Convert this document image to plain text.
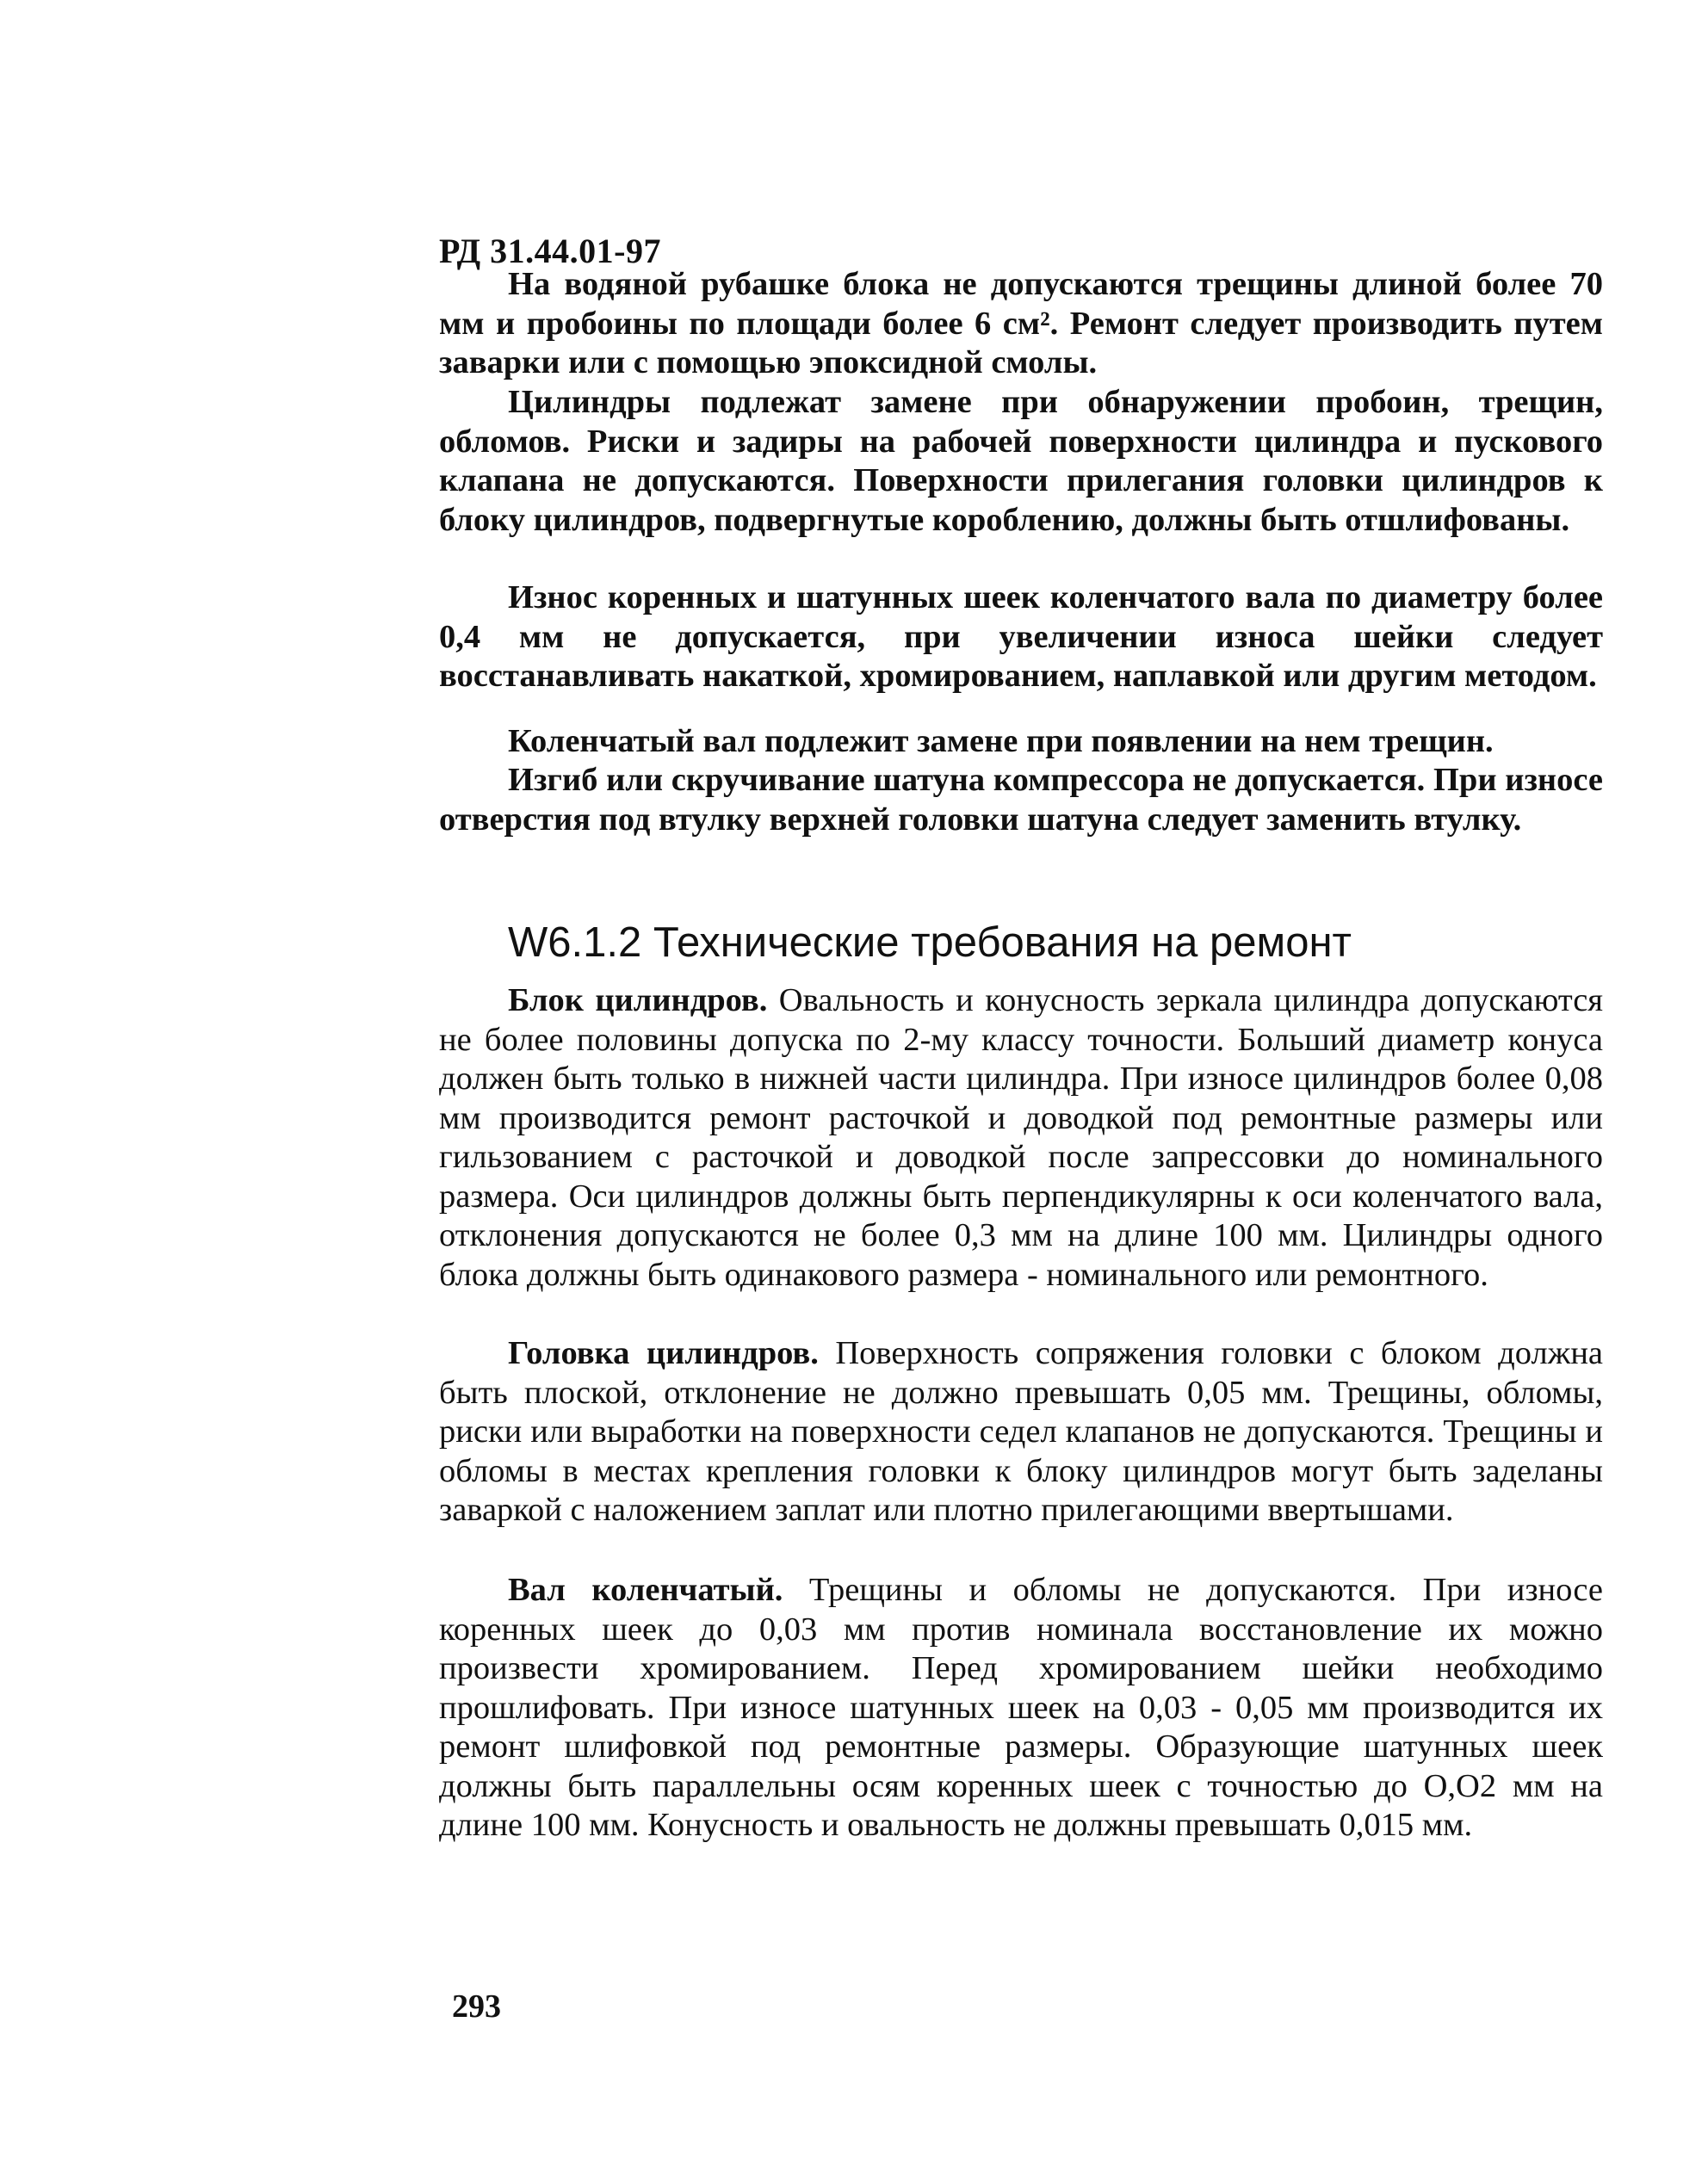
РД 31.44.01-97

На водяной рубашке блока не допускаются трещины длиной более 70 мм и пробоины по площади более 6 см². Ремонт следует производить путем заварки или с помощью эпоксидной смолы.

Цилиндры подлежат замене при обнаружении пробоин, трещин, обломов. Риски и задиры на рабочей поверхности цилиндра и пускового клапана не допускаются. Поверхности прилегания головки цилиндров к блоку цилиндров, подвергнутые короблению, должны быть отшлифованы.

Износ коренных и шатунных шеек коленчатого вала по диаметру более 0,4 мм не допускается, при увеличении износа шейки следует восстанавливать накаткой, хромированием, наплавкой или другим методом.

Коленчатый вал подлежит замене при появлении на нем трещин.

Изгиб или скручивание шатуна компрессора не допускается. При износе отверстия под втулку верхней головки шатуна следует заменить втулку.

W6.1.2 Технические требования на ремонт

Блок цилиндров. Овальность и конусность зеркала цилиндра допускаются не более половины допуска по 2-му классу точности. Больший диаметр конуса должен быть только в нижней части цилиндра. При износе цилиндров более 0,08 мм производится ремонт расточкой и доводкой под ремонтные размеры или гильзованием с расточкой и доводкой после запрессовки до номинального размера. Оси цилиндров должны быть перпендикулярны к оси коленчатого вала, отклонения допускаются не более 0,3 мм на длине 100 мм. Цилиндры одного блока должны быть одинакового размера - номинального или ремонтного.

Головка цилиндров. Поверхность сопряжения головки с блоком должна быть плоской, отклонение не должно превышать 0,05 мм. Трещины, обломы, риски или выработки на поверхности седел клапанов не допускаются. Трещины и обломы в местах крепления головки к блоку цилиндров могут быть заделаны заваркой с наложением заплат или плотно прилегающими ввертышами.

Вал коленчатый. Трещины и обломы не допускаются. При износе коренных шеек до 0,03 мм против номинала восстановление их можно произвести хромированием. Перед хромированием шейки необходимо прошлифовать. При износе шатунных шеек на 0,03 - 0,05 мм производится их ремонт шлифовкой под ремонтные размеры. Образующие шатунных шеек должны быть параллельны осям коренных шеек с точностью до О,О2 мм на длине 100 мм. Конусность и овальность не должны превышать 0,015 мм.

293
